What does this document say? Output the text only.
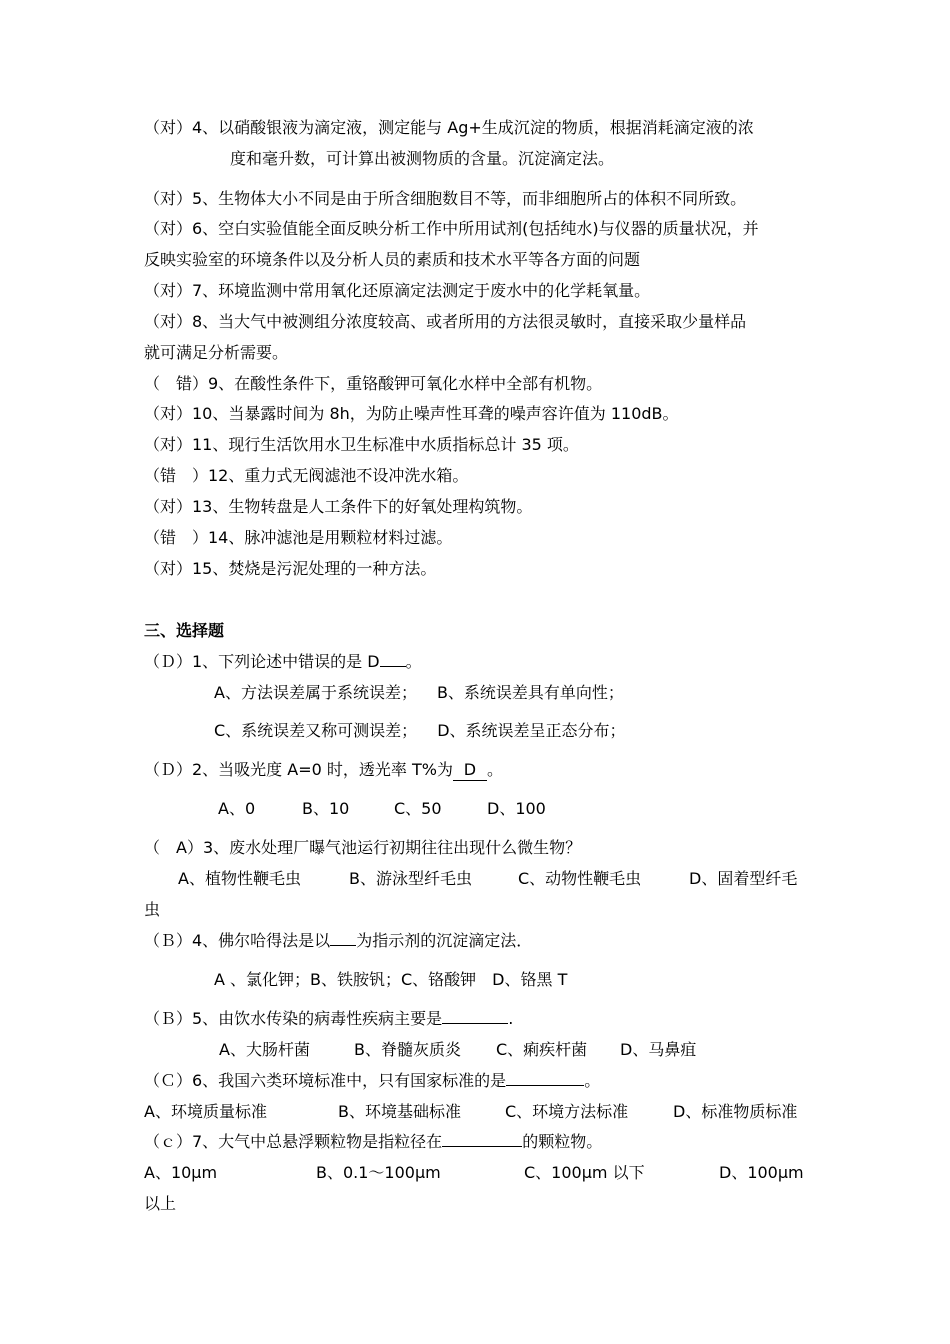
（对）4、以硝酸银液为滴定液，测定能与 Ag+生成沉淀的物质，根据消耗滴定液的浓
度和毫升数，可计算出被测物质的含量。沉淀滴定法。
（对）5、生物体大小不同是由于所含细胞数目不等，而非细胞所占的体积不同所致。
（对）6、空白实验值能全面反映分析工作中所用试剂(包括纯水)与仪器的质量状况，并
反映实验室的环境条件以及分析人员的素质和技术水平等各方面的问题
（对）7、环境监测中常用氧化还原滴定法测定于废水中的化学耗氧量。
（对）8、当大气中被测组分浓度较高、或者所用的方法很灵敏时，直接采取少量样品
就可满足分析需要。
（　错）9、在酸性条件下，重铬酸钾可氧化水样中全部有机物。
（对）10、当暴露时间为 8h，为防止噪声性耳聋的噪声容许值为 110dB。
（对）11、现行生活饮用水卫生标准中水质指标总计 35 项。
（错　）12、重力式无阀滤池不设冲洗水箱。
（对）13、生物转盘是人工条件下的好氧处理构筑物。
（错　）14、脉冲滤池是用颗粒材料过滤。
（对）15、焚烧是污泥处理的一种方法。
三、选择题
（Ｄ）1、下列论述中错误的是 D 。
A、方法误差属于系统误差； B、系统误差具有单向性；
C、系统误差又称可测误差； D、系统误差呈正态分布；
（Ｄ）2、当吸光度 A=0 时，透光率 T%为 D 。
A、0	B、10	C、50	D、100
（　A）3、废水处理厂曝气池运行初期往往出现什么微生物？
A、植物性鞭毛虫	B、游泳型纤毛虫	C、动物性鞭毛虫	D、固着型纤毛
虫
（Ｂ）4、佛尔哈得法是以 为指示剂的沉淀滴定法．
A 、氯化钾；B、铁胺钒；C、铬酸钾　D、铬黑 T
（Ｂ）5、由饮水传染的病毒性疾病主要是	.
A、大肠杆菌	B、脊髓灰质炎 C、痢疾杆菌 D、马鼻疽
（Ｃ）6、我国六类环境标准中，只有国家标准的是	。
A、环境质量标准	B、环境基础标准	C、环境方法标准	D、标准物质标准
（ｃ）7、大气中总悬浮颗粒物是指粒径在	的颗粒物。
A、10μm	B、0.1～100μm	C、100μm 以下	D、100μm
以上
